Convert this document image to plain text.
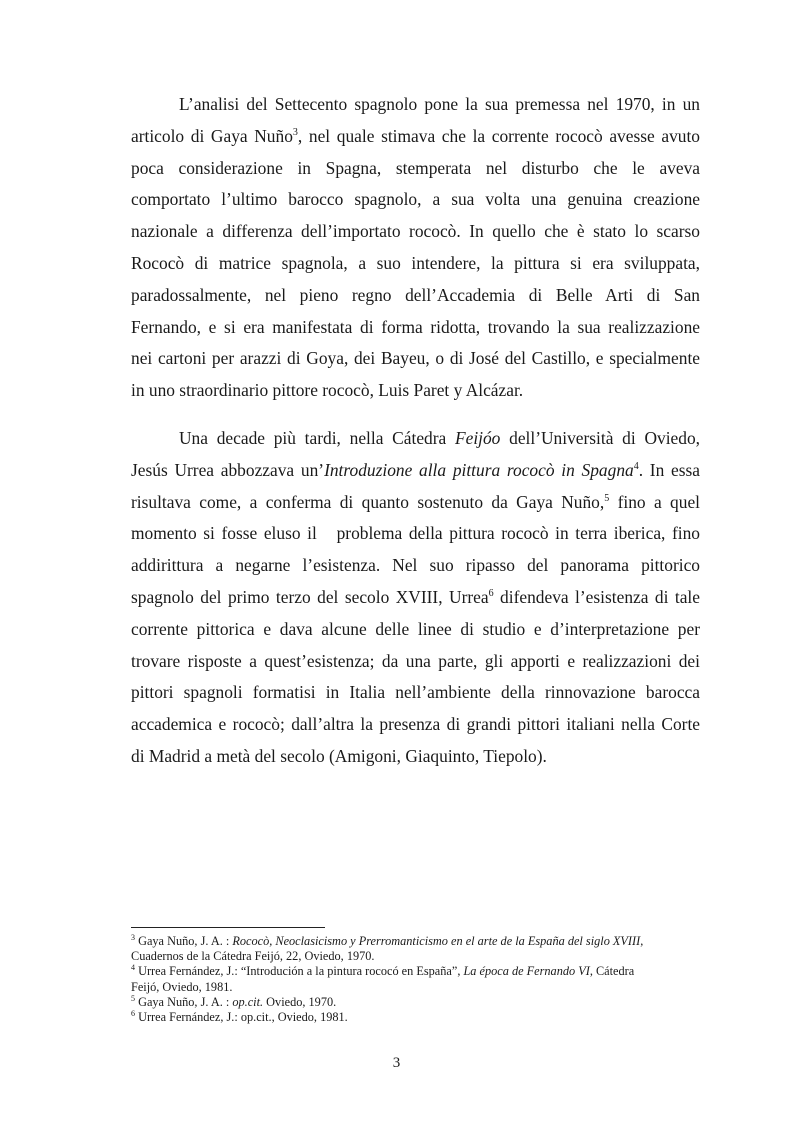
L’analisi del Settecento spagnolo pone la sua premessa nel 1970, in un
articolo di Gaya Nuño$^3$, nel quale stimava che la corrente rococò avesse avuto
poca considerazione in Spagna, stemperata nel disturbo che le aveva
comportato l’ultimo barocco spagnolo, a sua volta una genuina creazione
nazionale a differenza dell’importato rococò. In quello che è stato lo scarso
Rococò di matrice spagnola, a suo intendere, la pittura si era sviluppata,
paradossalmente, nel pieno regno dell’Accademia di Belle Arti di San
Fernando, e si era manifestata di forma ridotta, trovando la sua realizzazione
nei cartoni per arazzi di Goya, dei Bayeu, o di José del Castillo, e specialmente
in uno straordinario pittore rococò, Luis Paret y Alcázar.

Una decade più tardi, nella Cátedra Feijóo dell’Università di Oviedo,
Jesús Urrea abbozzava un’Introduzione alla pittura rococò in Spagna$^4$. In essa
risultava come, a conferma di quanto sostenuto da Gaya Nuño,$^5$ fino a quel
momento si fosse eluso il   problema della pittura rococò in terra iberica, fino
addirittura a negarne l’esistenza. Nel suo ripasso del panorama pittorico
spagnolo del primo terzo del secolo XVIII, Urrea$^6$ difendeva l’esistenza di tale
corrente pittorica e dava alcune delle linee di studio e d’interpretazione per
trovare risposte a quest’esistenza; da una parte, gli apporti e realizzazioni dei
pittori spagnoli formatisi in Italia nell’ambiente della rinnovazione barocca
accademica e rococò; dall’altra la presenza di grandi pittori italiani nella Corte
di Madrid a metà del secolo (Amigoni, Giaquinto, Tiepolo).

$^3$ Gaya Nuño, J. A. : Rococò, Neoclasicismo y Prerromanticismo en el arte de la España del siglo XVIII,
Cuadernos de la Cátedra Feijó, 22, Oviedo, 1970.
$^4$ Urrea Fernández, J.: “Introdución a la pintura rococó en España”, La época de Fernando VI, Cátedra
Feijó, Oviedo, 1981.
$^5$ Gaya Nuño, J. A. : op.cit. Oviedo, 1970.
$^6$ Urrea Fernández, J.: op.cit., Oviedo, 1981.
3
